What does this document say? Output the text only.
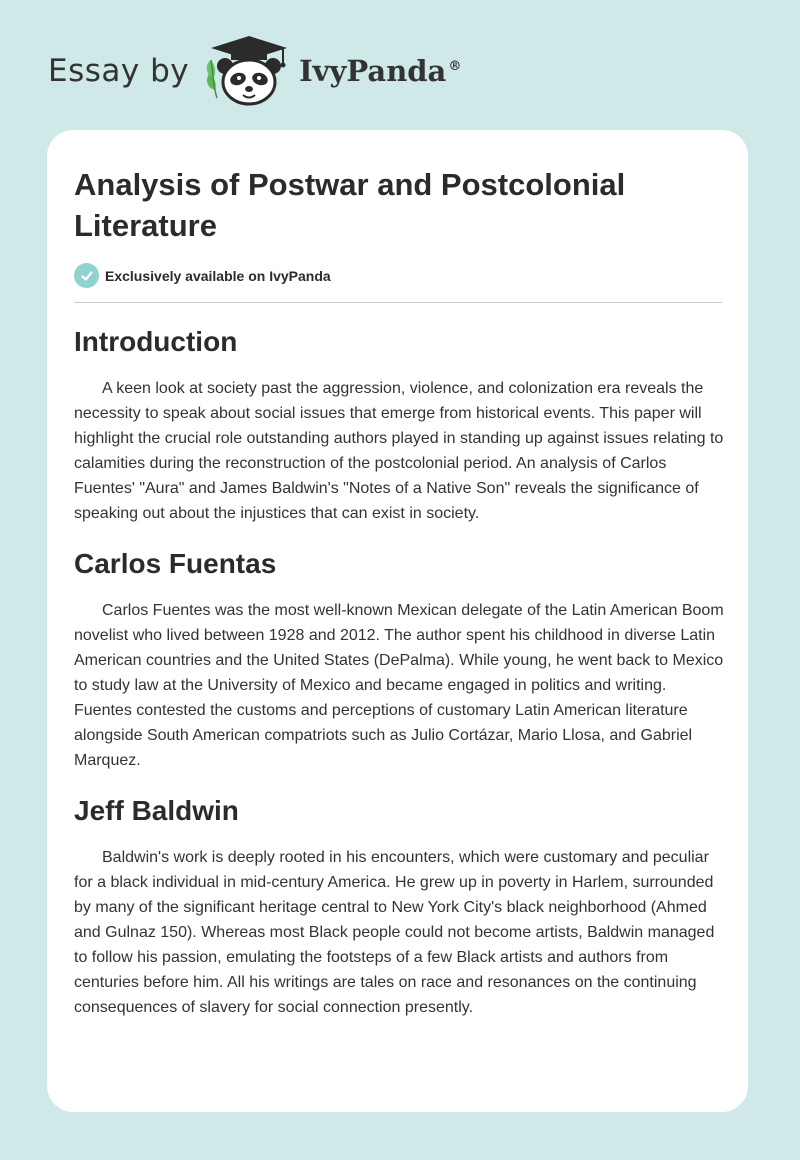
Essay by	IvyPanda ®
Analysis of Postwar and Postcolonial Literature
Exclusively available on IvyPanda
Introduction

A keen look at society past the aggression, violence, and colonization era reveals the necessity to speak about social issues that emerge from historical events. This paper will highlight the crucial role outstanding authors played in standing up against issues relating to calamities during the reconstruction of the postcolonial period. An analysis of Carlos Fuentes' "Aura" and James Baldwin's "Notes of a Native Son" reveals the significance of speaking out about the injustices that can exist in society.

Carlos Fuentas

Carlos Fuentes was the most well-known Mexican delegate of the Latin American Boom novelist who lived between 1928 and 2012. The author spent his childhood in diverse Latin American countries and the United States (DePalma). While young, he went back to Mexico to study law at the University of Mexico and became engaged in politics and writing. Fuentes contested the customs and perceptions of customary Latin American literature alongside South American compatriots such as Julio Cortázar, Mario Llosa, and Gabriel Marquez.

Jeff Baldwin

Baldwin's work is deeply rooted in his encounters, which were customary and peculiar for a black individual in mid-century America. He grew up in poverty in Harlem, surrounded by many of the significant heritage central to New York City's black neighborhood (Ahmed and Gulnaz 150). Whereas most Black people could not become artists, Baldwin managed to follow his passion, emulating the footsteps of a few Black artists and authors from centuries before him. All his writings are tales on race and resonances on the continuing consequences of slavery for social connection presently.
